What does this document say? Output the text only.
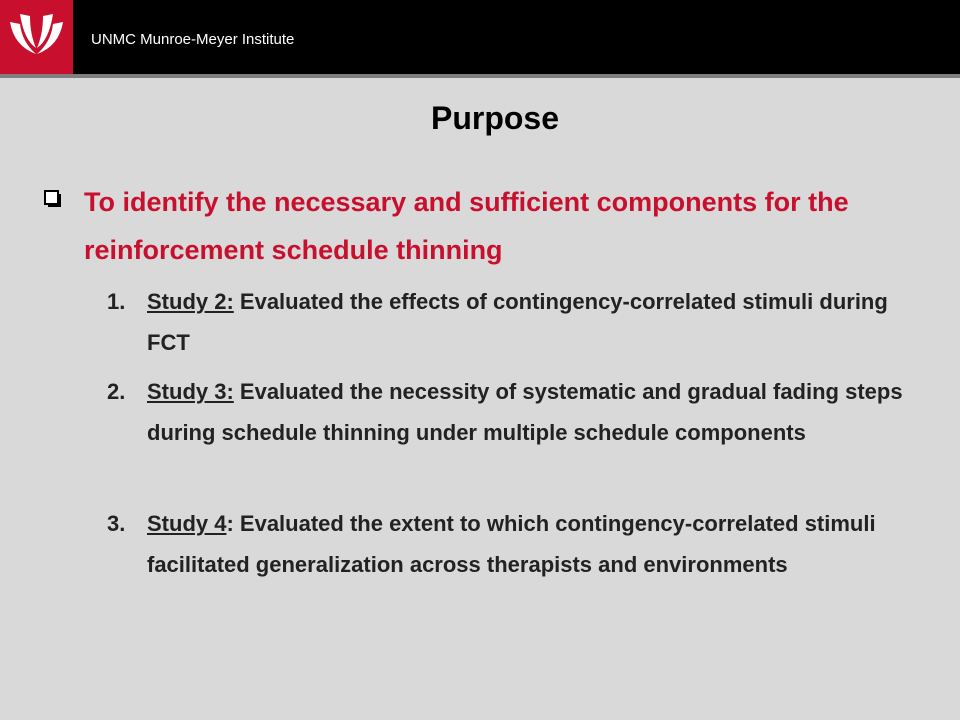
UNMC Munroe-Meyer Institute
Purpose
To identify the necessary and sufficient components for the reinforcement schedule thinning
1. Study 2: Evaluated the effects of contingency-correlated stimuli during FCT
2. Study 3: Evaluated the necessity of systematic and gradual fading steps during schedule thinning under multiple schedule components
3. Study 4: Evaluated the extent to which contingency-correlated stimuli facilitated generalization across therapists and environments
